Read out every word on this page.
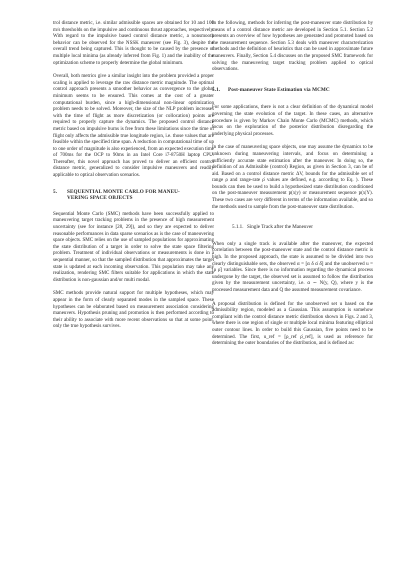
trol distance metric, i.e. similar admissible spaces are obtained for 10 and 100 m/s thresholds on the impulsive and continuous thrust approaches, respectively. With regard to the impulsive based control distance metric, a nonsmooth behavior can be observed for the NSSK maneuver (see Fig. 3), despite the overall trend being captured. This is thought to be caused by the presence of multiple local minima (as already inferred from Fig. 1) and the inability of the optimization scheme to properly determine the global minimum.

Overall, both metrics give a similar insight into the problem provided a proper scaling is applied to leverage the raw distance metric magnitude. The optimal control approach presents a smoother behavior as convergence to the global minimum seems to be ensured. This comes at the cost of a greater computational burden, since a high-dimensional non-linear optimization problem needs to be solved. Moreover, the size of the NLP problem increases with the time of flight as more discretization (or collocation) points are required to properly capture the dynamics. The proposed control distance metric based on impulsive burns is free from these limitations since the time of flight only affects the admissible true longitude region, i.e. those values that are feasible within the specified time span. A reduction in computational time of up to one order of magnitude is also experienced, from an expected execution time of 700ms for the OCP to 90ms in an Intel Core i7-8750H laptop CPU. Thereafter, this novel approach has proved to deliver an efficient control distance metric, generalized to consider impulsive maneuvers and readily applicable to optical observation scenarios.

5. SEQUENTIAL MONTE CARLO FOR MANEU-
VERING SPACE OBJECTS

Sequential Monte Carlo (SMC) methods have been successfully applied to maneuvering target tracking problems in the presence of high measurement uncertainty (see for instance [28, 29]), and so they are expected to deliver reasonable performances in data sparse scenarios as is the case of maneuvering space objects. SMC relies on the use of sampled populations for approximating the state distribution of a target in order to solve the state space filtering problem. Treatment of individual observations or measurements is done in a sequential manner, so that the sampled distribution that approximates the target state is updated at each incoming observation. This population may take any realization, rendering SMC filters suitable for applications in which the state distribution is non-gaussian and/or multi modal.

SMC methods provide natural support for multiple hypotheses, which may appear in the form of clearly separated modes in the sampled space. These hypotheses can be elaborated based on measurement association considering maneuvers. Hypothesis pruning and promotion is then performed according to their ability to associate with more recent observations so that at some point, only the true hypothesis survives.

In the following, methods for inferring the post-maneuver state distribution by means of a control distance metric are developed in Section 5.1. Section 5.2 presents an overview of how hypotheses are generated and promoted based on the measurement sequence. Section 5.3 deals with maneuver characterization methods and the definition of heuristics that can be used in approximate future maneuvers. Finally, Section 5.4 discusses on the proposed SMC framework for solving the maneuvering target tracking problem applied to optical observations.

5.1. Post-maneuver State Estimation via MCMC

For some applications, there is not a clear definition of the dynamical model governing the state evolution of the target. In these cases, an alternative procedure is given by Markov Chain Monte Carlo (MCMC) methods, which focus on the exploration of the posterior distribution disregarding the underlying physical processes.

In the case of maneuvering space objects, one may assume the dynamics to be unknown during maneuvering intervals, and focus on determining a sufficiently accurate state estimation after the maneuver. In doing so, the definition of an Admissible (control) Region, as given in Section 3, can be of aid. Based on a control distance metric ΔV, bounds for the admissible set of range ρ and range-rate ρ̇ values are defined, e.g. according to Eq. ). These bounds can then be used to build a hypothesized state distribution conditioned on the post-maneuver measurement p(x|y) or measurement sequence p(x|Y). These two cases are very different in terms of the information available, and so the methods used to sample from the post-maneuver state distribution.

5.1.1. Single Track after the Maneuver

When only a single track is available after the maneuver, the expected correlation between the post-maneuver state and the control distance metric is high. In the proposed approach, the state is assumed to be divided into two clearly distinguishable sets, the observed α = [α δ α̇ δ̇] and the unobserved u = [ρ ρ̇] variables. Since there is no information regarding the dynamical process undergone by the target, the observed set is assumed to follow the distribution given by the measurement uncertainty, i.e. α ∼ N(y, Q), where y is the processed measurement data and Q the assumed measurement covariance.

A proposal distribution is defined for the unobserved set u based on the admissibility region, modeled as a Gaussian. This assumption is somehow compliant with the control distance metric distribution shown in Figs. 2 and 3, where there is one region of single or multiple local minima featuring elliptical outer contour lines. In order to build this Gaussian, five points need to be determined. The first, u_ref = [ρ_ref ρ̇_ref], is used as reference for determining the outer boundaries of the distribution, and is defined as:
